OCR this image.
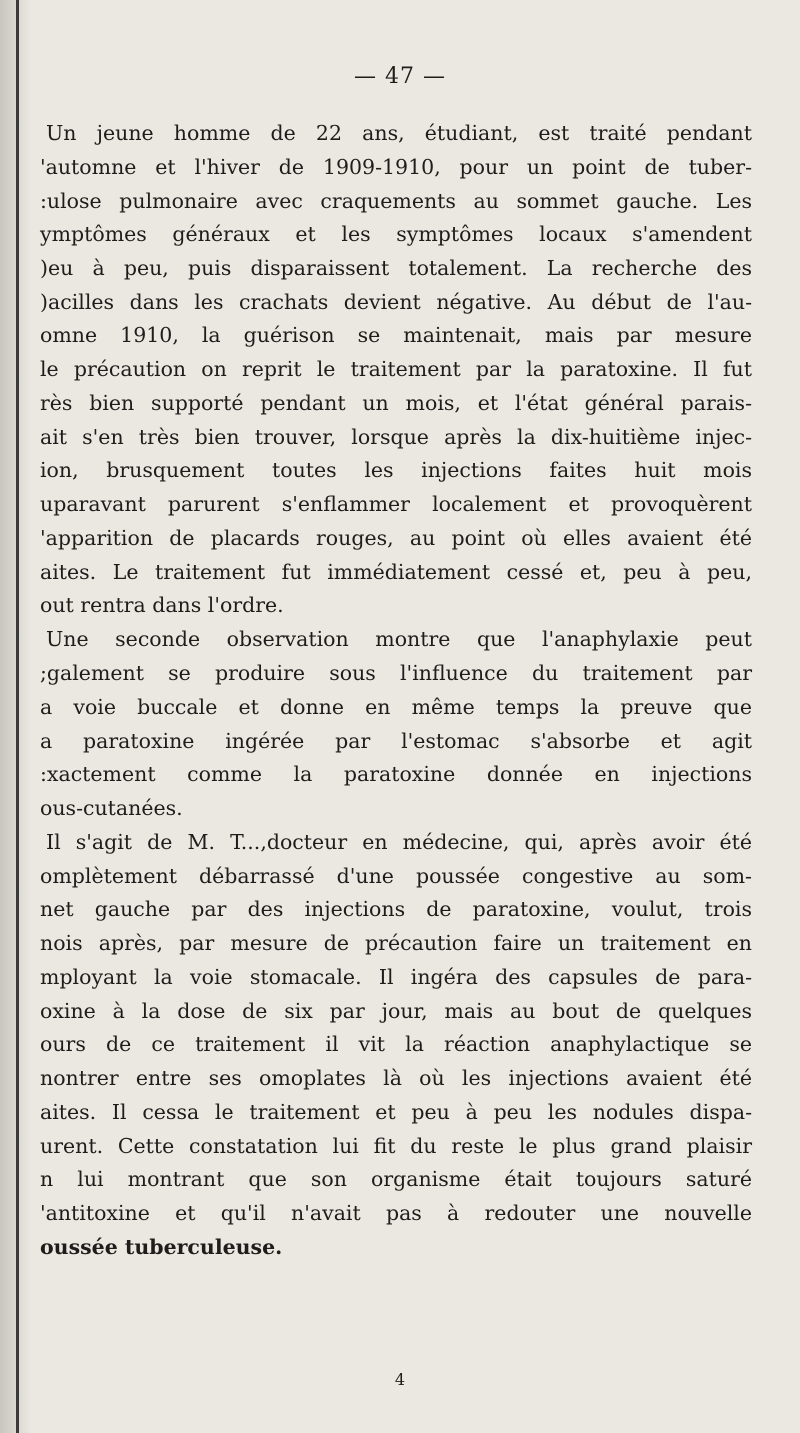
— 47 —
Un jeune homme de 22 ans, étudiant, est traité pendant
'automne et l'hiver de 1909-1910, pour un point de tuber-
:ulose pulmonaire avec craquements au sommet gauche. Les
ymptômes généraux et les symptômes locaux s'amendent
)eu à peu, puis disparaissent totalement. La recherche des
)acilles dans les crachats devient négative. Au début de l'au-
omne 1910, la guérison se maintenait, mais par mesure
le précaution on reprit le traitement par la paratoxine. Il fut
rès bien supporté pendant un mois, et l'état général parais-
ait s'en très bien trouver, lorsque après la dix-huitième injec-
ion, brusquement toutes les injections faites huit mois
uparavant parurent s'enflammer localement et provoquèrent
'apparition de placards rouges, au point où elles avaient été
aites. Le traitement fut immédiatement cessé et, peu à peu,
out rentra dans l'ordre.
Une seconde observation montre que l'anaphylaxie peut
;galement se produire sous l'influence du traitement par
a voie buccale et donne en même temps la preuve que
a paratoxine ingérée par l'estomac s'absorbe et agit
:xactement comme la paratoxine donnée en injections
ous-cutanées.
Il s'agit de M. T...,docteur en médecine, qui, après avoir été
omplètement débarrassé d'une poussée congestive au som-
net gauche par des injections de paratoxine, voulut, trois
nois après, par mesure de précaution faire un traitement en
mployant la voie stomacale. Il ingéra des capsules de para-
oxine à la dose de six par jour, mais au bout de quelques
ours de ce traitement il vit la réaction anaphylactique se
nontrer entre ses omoplates là où les injections avaient été
aites. Il cessa le traitement et peu à peu les nodules dispa-
urent. Cette constatation lui fit du reste le plus grand plaisir
n lui montrant que son organisme était toujours saturé
'antitoxine et qu'il n'avait pas à redouter une nouvelle
oussée tuberculeuse.
4
